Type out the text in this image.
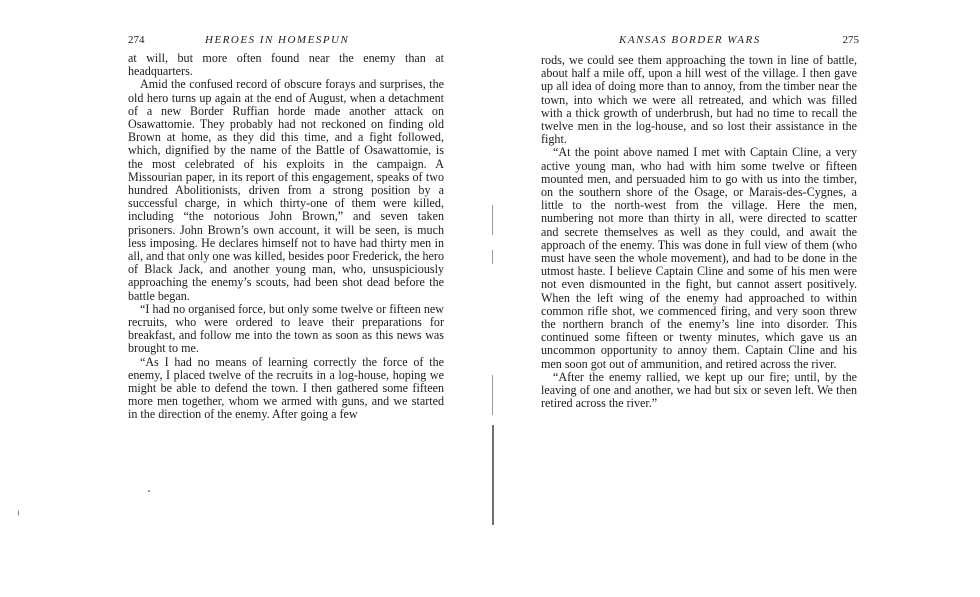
274	HEROES IN HOMESPUN

at will, but more often found near the enemy than at headquarters.

Amid the confused record of obscure forays and surprises, the old hero turns up again at the end of August, when a detachment of a new Border Ruffian horde made another attack on Osawattomie. They probably had not reckoned on finding old Brown at home, as they did this time, and a fight followed, which, dignified by the name of the Battle of Osawattomie, is the most celebrated of his exploits in the campaign. A Missourian paper, in its report of this engagement, speaks of two hundred Abolitionists, driven from a strong position by a successful charge, in which thirty-one of them were killed, including “the notorious John Brown,” and seven taken prisoners. John Brown’s own account, it will be seen, is much less imposing. He declares himself not to have had thirty men in all, and that only one was killed, besides poor Frederick, the hero of Black Jack, and another young man, who, unsuspiciously approaching the enemy’s scouts, had been shot dead before the battle began.

“I had no organised force, but only some twelve or fifteen new recruits, who were ordered to leave their preparations for breakfast, and follow me into the town as soon as this news was brought to me.

“As I had no means of learning correctly the force of the enemy, I placed twelve of the recruits in a log-house, hoping we might be able to defend the town. I then gathered some fifteen more men together, whom we armed with guns, and we started in the direction of the enemy. After going a few

KANSAS BORDER WARS	275

rods, we could see them approaching the town in line of battle, about half a mile off, upon a hill west of the village. I then gave up all idea of doing more than to annoy, from the timber near the town, into which we were all retreated, and which was filled with a thick growth of underbrush, but had no time to recall the twelve men in the log-house, and so lost their assistance in the fight.

“At the point above named I met with Captain Cline, a very active young man, who had with him some twelve or fifteen mounted men, and persuaded him to go with us into the timber, on the southern shore of the Osage, or Marais-des-Cygnes, a little to the north-west from the village. Here the men, numbering not more than thirty in all, were directed to scatter and secrete themselves as well as they could, and await the approach of the enemy. This was done in full view of them (who must have seen the whole movement), and had to be done in the utmost haste. I believe Captain Cline and some of his men were not even dismounted in the fight, but cannot assert positively. When the left wing of the enemy had approached to within common rifle shot, we commenced firing, and very soon threw the northern branch of the enemy’s line into disorder. This continued some fifteen or twenty minutes, which gave us an uncommon opportunity to annoy them. Captain Cline and his men soon got out of ammunition, and retired across the river.

“After the enemy rallied, we kept up our fire; until, by the leaving of one and another, we had but six or seven left. We then retired across the river.”
